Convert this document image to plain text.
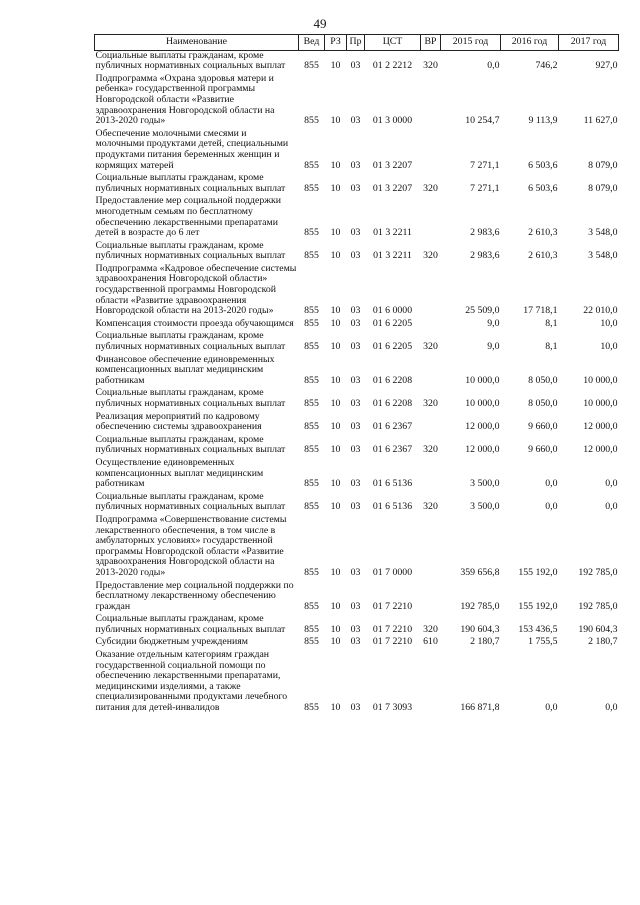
49
Наименование	Вед	РЗ	Пр	ЦСТ	ВР	2015 год	2016 год	2017 год
Социальные выплаты гражданам, кроме публичных нормативных социальных выплат	855	10	03	01 2 2212	320	0,0	746,2	927,0
Подпрограмма «Охрана здоровья матери и ребенка» государственной программы Новгородской области «Развитие здравоохранения Новгородской области на 2013-2020 годы»	855	10	03	01 3 0000		10 254,7	9 113,9	11 627,0
Обеспечение молочными смесями и молочными продуктами детей, специальными продуктами питания беременных женщин и кормящих матерей	855	10	03	01 3 2207		7 271,1	6 503,6	8 079,0
Социальные выплаты гражданам, кроме публичных нормативных социальных выплат	855	10	03	01 3 2207	320	7 271,1	6 503,6	8 079,0
Предоставление мер социальной поддержки многодетным семьям по бесплатному обеспечению лекарственными препаратами детей в возрасте до 6 лет	855	10	03	01 3 2211		2 983,6	2 610,3	3 548,0
Социальные выплаты гражданам, кроме публичных нормативных социальных выплат	855	10	03	01 3 2211	320	2 983,6	2 610,3	3 548,0
Подпрограмма «Кадровое обеспечение системы здравоохранения Новгородской области» государственной программы Новгородской области «Развитие здравоохранения Новгородской области на 2013-2020 годы»	855	10	03	01 6 0000		25 509,0	17 718,1	22 010,0
Компенсация стоимости проезда обучающимся	855	10	03	01 6 2205		9,0	8,1	10,0
Социальные выплаты гражданам, кроме публичных нормативных социальных выплат	855	10	03	01 6 2205	320	9,0	8,1	10,0
Финансовое обеспечение единовременных компенсационных выплат медицинским работникам	855	10	03	01 6 2208		10 000,0	8 050,0	10 000,0
Социальные выплаты гражданам, кроме публичных нормативных социальных выплат	855	10	03	01 6 2208	320	10 000,0	8 050,0	10 000,0
Реализация мероприятий по кадровому обеспечению системы здравоохранения	855	10	03	01 6 2367		12 000,0	9 660,0	12 000,0
Социальные выплаты гражданам, кроме публичных нормативных социальных выплат	855	10	03	01 6 2367	320	12 000,0	9 660,0	12 000,0
Осуществление единовременных компенсационных выплат медицинским работникам	855	10	03	01 6 5136		3 500,0	0,0	0,0
Социальные выплаты гражданам, кроме публичных нормативных социальных выплат	855	10	03	01 6 5136	320	3 500,0	0,0	0,0
Подпрограмма «Совершенствование системы лекарственного обеспечения, в том числе в амбулаторных условиях» государственной программы Новгородской области «Развитие здравоохранения Новгородской области на 2013-2020 годы»	855	10	03	01 7 0000		359 656,8	155 192,0	192 785,0
Предоставление мер социальной поддержки по бесплатному лекарственному обеспечению граждан	855	10	03	01 7 2210		192 785,0	155 192,0	192 785,0
Социальные выплаты гражданам, кроме публичных нормативных социальных выплат	855	10	03	01 7 2210	320	190 604,3	153 436,5	190 604,3
Субсидии бюджетным учреждениям	855	10	03	01 7 2210	610	2 180,7	1 755,5	2 180,7
Оказание отдельным категориям граждан государственной социальной помощи по обеспечению лекарственными препаратами, медицинскими изделиями, а также специализированными продуктами лечебного питания для детей-инвалидов	855	10	03	01 7 3093		166 871,8	0,0	0,0
